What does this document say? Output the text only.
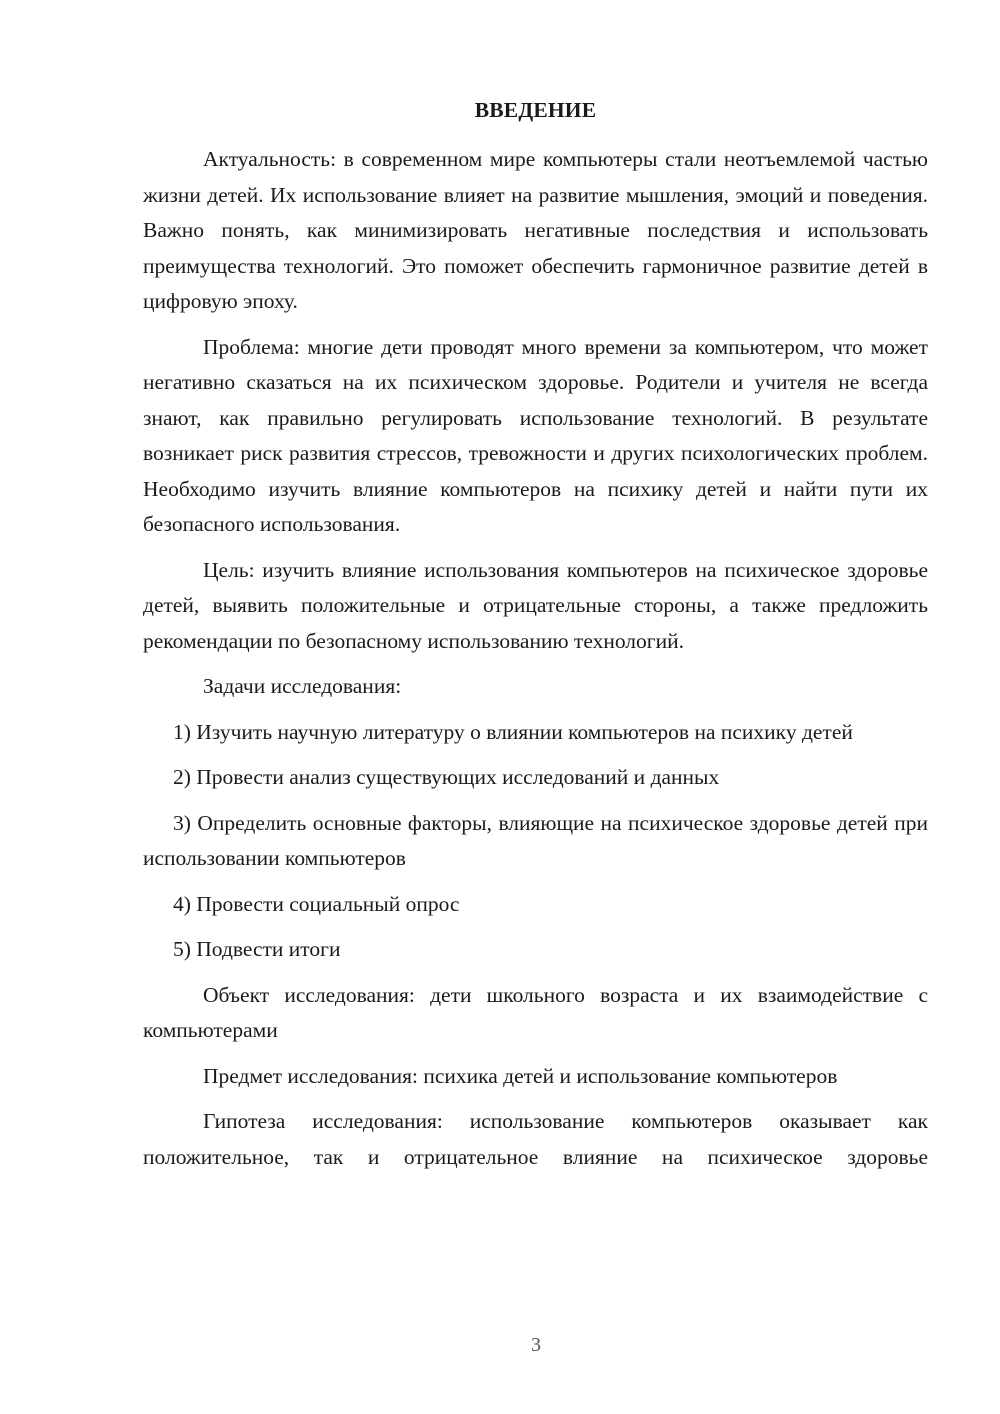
ВВЕДЕНИЕ

Актуальность: в современном мире компьютеры стали неотъемлемой частью жизни детей. Их использование влияет на развитие мышления, эмоций и поведения. Важно понять, как минимизировать негативные последствия и использовать преимущества технологий. Это поможет обеспечить гармоничное развитие детей в цифровую эпоху.

Проблема: многие дети проводят много времени за компьютером, что может негативно сказаться на их психическом здоровье. Родители и учителя не всегда знают, как правильно регулировать использование технологий. В результате возникает риск развития стрессов, тревожности и других психологических проблем. Необходимо изучить влияние компьютеров на психику детей и найти пути их безопасного использования.

Цель: изучить влияние использования компьютеров на психическое здоровье детей, выявить положительные и отрицательные стороны, а также предложить рекомендации по безопасному использованию технологий.

Задачи исследования:

1) Изучить научную литературу о влиянии компьютеров на психику детей

2) Провести анализ существующих исследований и данных

3) Определить основные факторы, влияющие на психическое здоровье детей при использовании компьютеров

4) Провести социальный опрос

5) Подвести итоги

Объект исследования: дети школьного возраста и их взаимодействие с компьютерами

Предмет исследования: психика детей и использование компьютеров

Гипотеза исследования: использование компьютеров оказывает как положительное, так и отрицательное влияние на психическое здоровье

3
